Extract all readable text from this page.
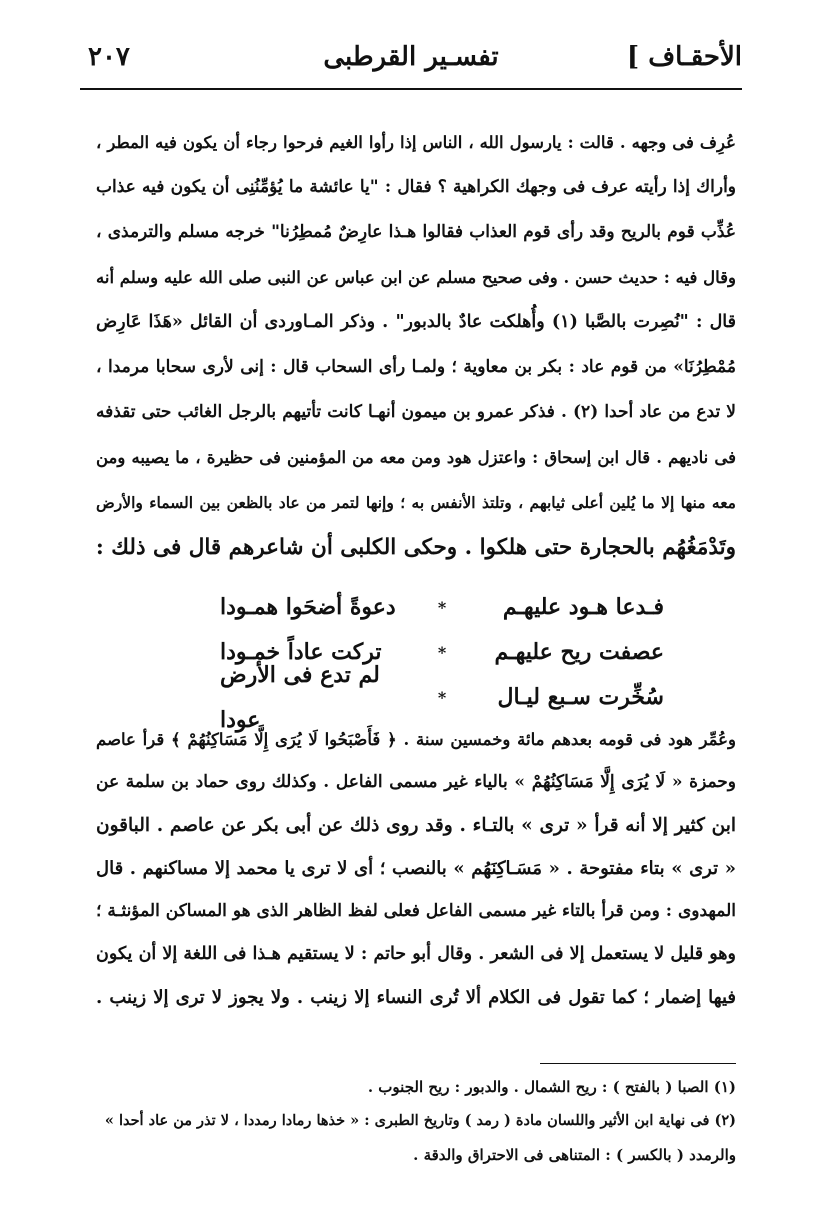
٢٠٧	تفسـير القرطبى	الأحقـاف ]
عُرِف فى وجهه . قالت : يارسول الله ، الناس إذا رأوا الغيم فرحوا رجاء أن يكون فيه المطر ،
وأراك إذا رأيته عرف فى وجهك الكراهية ؟ فقال : "يا عائشة ما يُؤمِّنُنِى أن يكون فيه عذاب
عُذِّب قوم بالريح وقد رأى قوم العذاب فقالوا هـذا عارِضٌ مُمطِرُنا" خرجه مسلم والترمذى ،
وقال فيه : حديث حسن . وفى صحيح مسلم عن ابن عباس عن النبى صلى الله عليه وسلم أنه
قال : "نُصِرت بالصَّبا (١) وأُهلكت عادٌ بالدبور" . وذكر المـاوردى أن القائل «هَذَا عَارِض
مُمْطِرُنَا» من قوم عاد : بكر بن معاوية ؛ ولمـا رأى السحاب قال : إنى لأرى سحابا مرمدا ،
لا تدع من عاد أحدا (٢) . فذكر عمرو بن ميمون أنهـا كانت تأتيهم بالرجل الغائب حتى تقذفه
فى ناديهم . قال ابن إسحاق : واعتزل هود ومن معه من المؤمنين فى حظيرة ، ما يصيبه ومن
معه منها إلا ما يُلين أعلى ثيابهم ، وتلتذ الأنفس به ؛ وإنها لتمر من عاد بالظعن بين السماء والأرض
وتَدْمَغُهُم بالحجارة حتى هلكوا . وحكى الكلبى أن شاعرهم قال فى ذلك :
فـدعا هـود عليهـم
*
دعوةً أضحَوا همـودا
عصفت ريح عليهـم
*
تركت عاداً خمـودا
سُخِّرت سـبع ليـال
*
لم تدع فى الأرض عودا
وعُمِّر هود فى قومه بعدهم مائة وخمسين سنة . ﴿ فَأَصْبَحُوا لَا يُرَى إِلَّا مَسَاكِنُهُمْ ﴾ قرأ عاصم
وحمزة « لَا يُرَى إِلَّا مَسَاكِنُهُمْ » بالياء غير مسمى الفاعل . وكذلك روى حماد بن سلمة عن
ابن كثير إلا أنه قرأ « ترى » بالتـاء . وقد روى ذلك عن أبى بكر عن عاصم . الباقون
« ترى » بتاء مفتوحة . « مَسَـاكِنَهُم » بالنصب ؛ أى لا ترى يا محمد إلا مساكنهم . قال
المهدوى : ومن قرأ بالتاء غير مسمى الفاعل فعلى لفظ الظاهر الذى هو المساكن المؤنثـة ؛
وهو قليل لا يستعمل إلا فى الشعر . وقال أبو حاتم : لا يستقيم هـذا فى اللغة إلا أن يكون
فيها إضمار ؛ كما تقول فى الكلام ألا تُرى النساء إلا زينب . ولا يجوز لا ترى إلا زينب .
(١) الصبا ( بالفتح ) : ريح الشمال . والدبور : ريح الجنوب .
(٢) فى نهاية ابن الأثير واللسان مادة ( رمد ) وتاريخ الطبرى : « خذها رمادا رمددا ، لا تذر من عاد أحدا »
والرمدد ( بالكسر ) : المتناهى فى الاحتراق والدقة .
